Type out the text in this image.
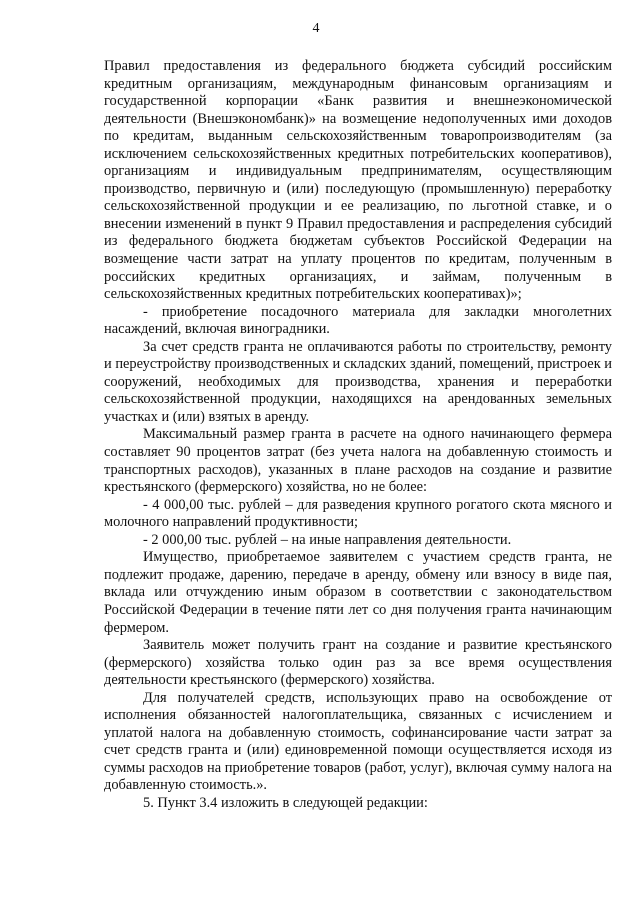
4

Правил предоставления из федерального бюджета субсидий российским кредитным организациям, международным финансовым организациям и государственной корпорации «Банк развития и внешнеэкономической деятельности (Внешэкономбанк)» на возмещение недополученных ими доходов по кредитам, выданным сельскохозяйственным товаропроизводителям (за исключением сельскохозяйственных кредитных потребительских кооперативов), организациям и индивидуальным предпринимателям, осуществляющим производство, первичную и (или) последующую (промышленную) переработку сельскохозяйственной продукции и ее реализацию, по льготной ставке, и о внесении изменений в пункт 9 Правил предоставления и распределения субсидий из федерального бюджета бюджетам субъектов Российской Федерации на возмещение части затрат на уплату процентов по кредитам, полученным в российских кредитных организациях, и займам, полученным в сельскохозяйственных кредитных потребительских кооперативах)»;

- приобретение посадочного материала для закладки многолетних насаждений, включая виноградники.

За счет средств гранта не оплачиваются работы по строительству, ремонту и переустройству производственных и складских зданий, помещений, пристроек и сооружений, необходимых для производства, хранения и переработки сельскохозяйственной продукции, находящихся на арендованных земельных участках и (или) взятых в аренду.

Максимальный размер гранта в расчете на одного начинающего фермера составляет 90 процентов затрат (без учета налога на добавленную стоимость и транспортных расходов), указанных в плане расходов на создание и развитие крестьянского (фермерского) хозяйства, но не более:

- 4 000,00 тыс. рублей – для разведения крупного рогатого скота мясного и молочного направлений продуктивности;

- 2 000,00 тыс. рублей – на иные направления деятельности.

Имущество, приобретаемое заявителем с участием средств гранта, не подлежит продаже, дарению, передаче в аренду, обмену или взносу в виде пая, вклада или отчуждению иным образом в соответствии с законодательством Российской Федерации в течение пяти лет со дня получения гранта начинающим фермером.

Заявитель может получить грант на создание и развитие крестьянского (фермерского) хозяйства только один раз за все время осуществления деятельности крестьянского (фермерского) хозяйства.

Для получателей средств, использующих право на освобождение от исполнения обязанностей налогоплательщика, связанных с исчислением и уплатой налога на добавленную стоимость, софинансирование части затрат за счет средств гранта и (или) единовременной помощи осуществляется исходя из суммы расходов на приобретение товаров (работ, услуг), включая сумму налога на добавленную стоимость.».

5. Пункт 3.4 изложить в следующей редакции:
